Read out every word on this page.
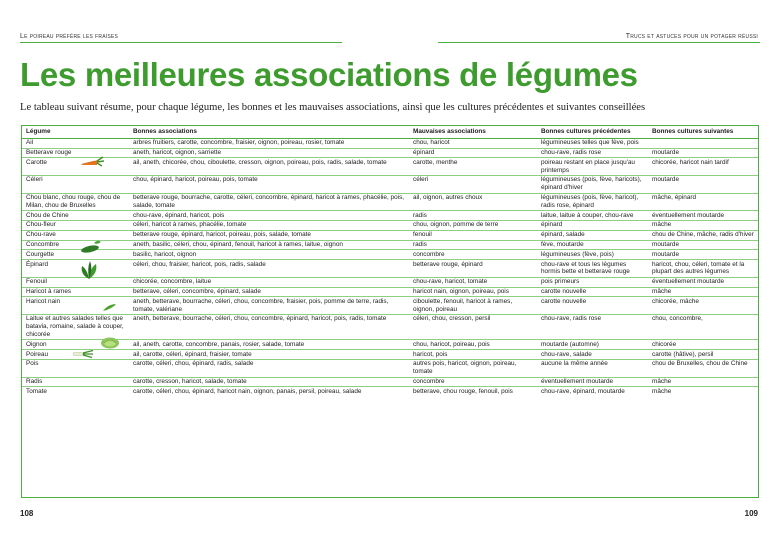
Le poireau préfère les fraises	Trucs et astuces pour un potager réussi
Les meilleures associations de légumes

Le tableau suivant résume, pour chaque légume, les bonnes et les mauvaises associations, ainsi que les cultures précédentes et suivantes conseillées

Légume	Bonnes associations	Mauvaises associations	Bonnes cultures précédentes	Bonnes cultures suivantes
Ail	arbres fruitiers, carotte, concombre, fraisier, oignon, poireau, rosier, tomate	chou, haricot	légumineuses telles que fève, pois	
Betterave rouge	aneth, haricot, oignon, sarriette	épinard	chou-rave, radis rose	moutarde
Carotte	ail, aneth, chicorée, chou, ciboulette, cresson, oignon, poireau, pois, radis, salade, tomate	carotte, menthe	poireau restant en place jusqu'au printemps	chicorée, haricot nain tardif
Céleri	chou, épinard, haricot, poireau, pois, tomate	céleri	légumineuses (pois, fève, haricots), épinard d'hiver	moutarde
Chou blanc, chou rouge, chou de Milan, chou de Bruxelles	betterave rouge, bourrache, carotte, céleri, concombre, épinard, haricot à rames, phacélie, pois, salade, tomate	ail, oignon, autres choux	légumineuses (pois, fève, haricot), radis rose, épinard	mâche, épinard
Chou de Chine	chou-rave, épinard, haricot, pois	radis	laitue, laitue à couper, chou-rave	éventuellement moutarde
Chou-fleur	céleri, haricot à rames, phacélie, tomate	chou, oignon, pomme de terre	épinard	mâche
Chou-rave	betterave rouge, épinard, haricot, poireau, pois, salade, tomate	fenouil	épinard, salade	chou de Chine, mâche, radis d'hiver
Concombre	aneth, basilic, céleri, chou, épinard, fenouil, haricot à rames, laitue, oignon	radis	fève, moutarde	moutarde
Courgette	basilic, haricot, oignon	concombre	légumineuses (fève, pois)	moutarde
Épinard	céleri, chou, fraisier, haricot, pois, radis, salade	betterave rouge, épinard	chou-rave et tous les légumes hormis bette et betterave rouge	haricot, chou, céleri, tomate et la plupart des autres légumes
Fenouil	chicorée, concombre, laitue	chou-rave, haricot, tomate	pois primeurs	éventuellement moutarde
Haricot à rames	betterave, céleri, concombre, épinard, salade	haricot nain, oignon, poireau, pois	carotte nouvelle	mâche
Haricot nain	aneth, betterave, bourrache, céleri, chou, concombre, fraisier, pois, pomme de terre, radis, tomate, valériane	ciboulette, fenouil, haricot à rames, oignon, poireau	carotte nouvelle	chicorée, mâche
Laitue et autres salades telles que batavia, romaine, salade à couper, chicorée	aneth, betterave, bourrache, céleri, chou, concombre, épinard, haricot, pois, radis, tomate	céleri, chou, cresson, persil	chou-rave, radis rose	chou, concombre,
Oignon	ail, aneth, carotte, concombre, panais, rosier, salade, tomate	chou, haricot, poireau, pois	moutarde (automne)	chicorée
Poireau	ail, carotte, céleri, épinard, fraisier, tomate	haricot, pois	chou-rave, salade	carotte (hâtive), persil
Pois	carotte, céleri, chou, épinard, radis, salade	autres pois, haricot, oignon, poireau, tomate	aucune la même année	chou de Bruxelles, chou de Chine
Radis	carotte, cresson, haricot, salade, tomate	concombre	éventuellement moutarde	mâche
Tomate	carotte, céleri, chou, épinard, haricot nain, oignon, panais, persil, poireau, salade	betterave, chou rouge, fenouil, pois	chou-rave, épinard, moutarde	mâche
108	109
